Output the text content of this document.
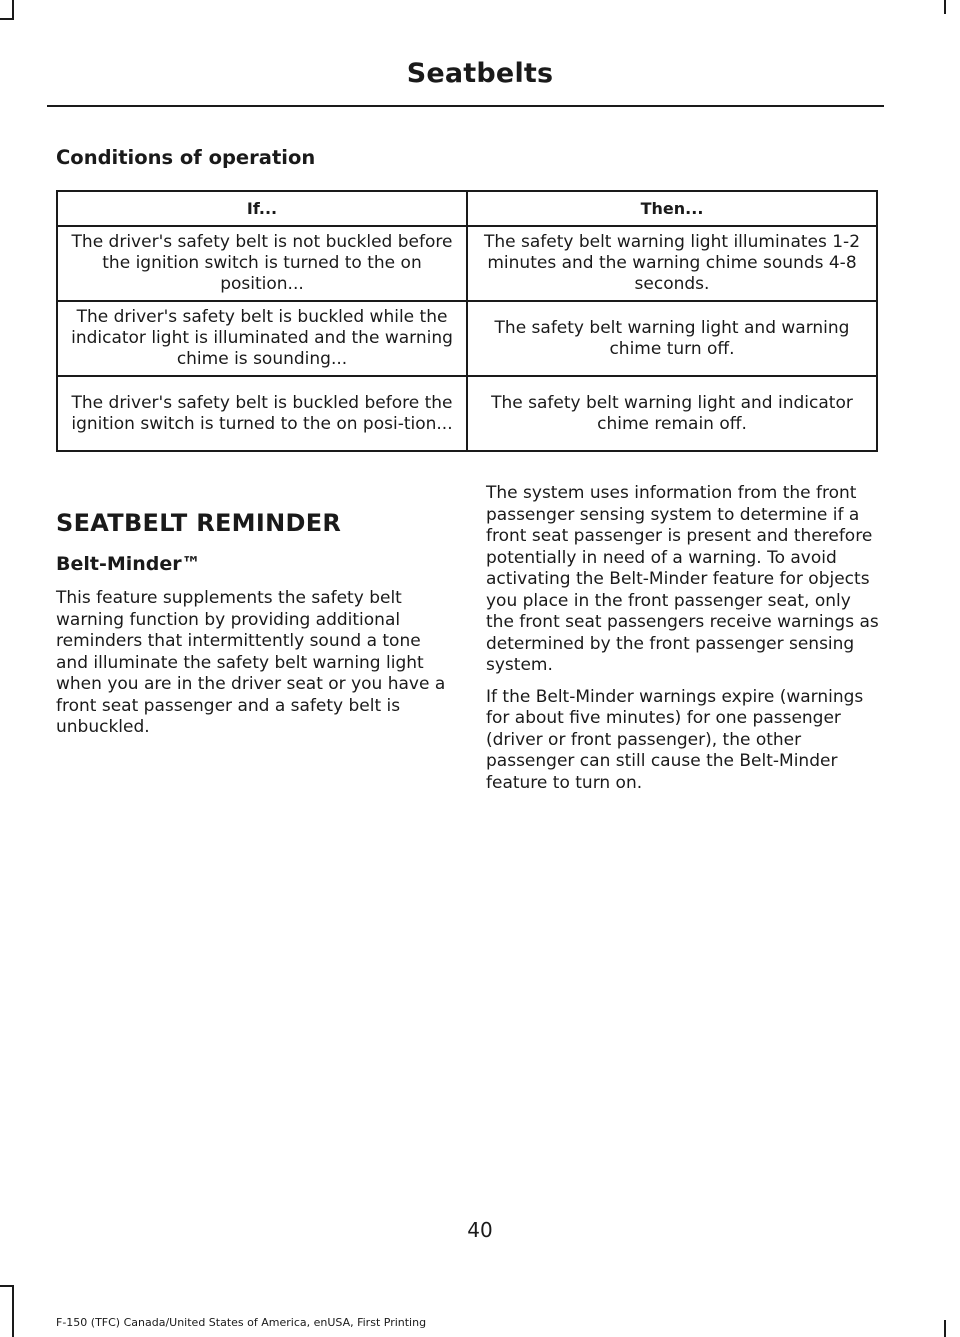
Seatbelts
Conditions of operation
If...	Then...
The driver's safety belt is not buckled before the ignition switch is turned to the on position...	The safety belt warning light illuminates 1-2 minutes and the warning chime sounds 4-8 seconds.
The driver's safety belt is buckled while the indicator light is illuminated and the warning chime is sounding...	The safety belt warning light and warning chime turn off.
The driver's safety belt is buckled before the ignition switch is turned to the on posi-tion...	The safety belt warning light and indicator chime remain off.
SEATBELT REMINDER
Belt-Minder™

This feature supplements the safety belt warning function by providing additional reminders that intermittently sound a tone and illuminate the safety belt warning light when you are in the driver seat or you have a front seat passenger and a safety belt is unbuckled.

The system uses information from the front passenger sensing system to determine if a front seat passenger is present and therefore potentially in need of a warning. To avoid activating the Belt-Minder feature for objects you place in the front passenger seat, only the front seat passengers receive warnings as determined by the front passenger sensing system.

If the Belt-Minder warnings expire (warnings for about five minutes) for one passenger (driver or front passenger), the other passenger can still cause the Belt-Minder feature to turn on.

40
F-150 (TFC) Canada/United States of America, enUSA, First Printing
